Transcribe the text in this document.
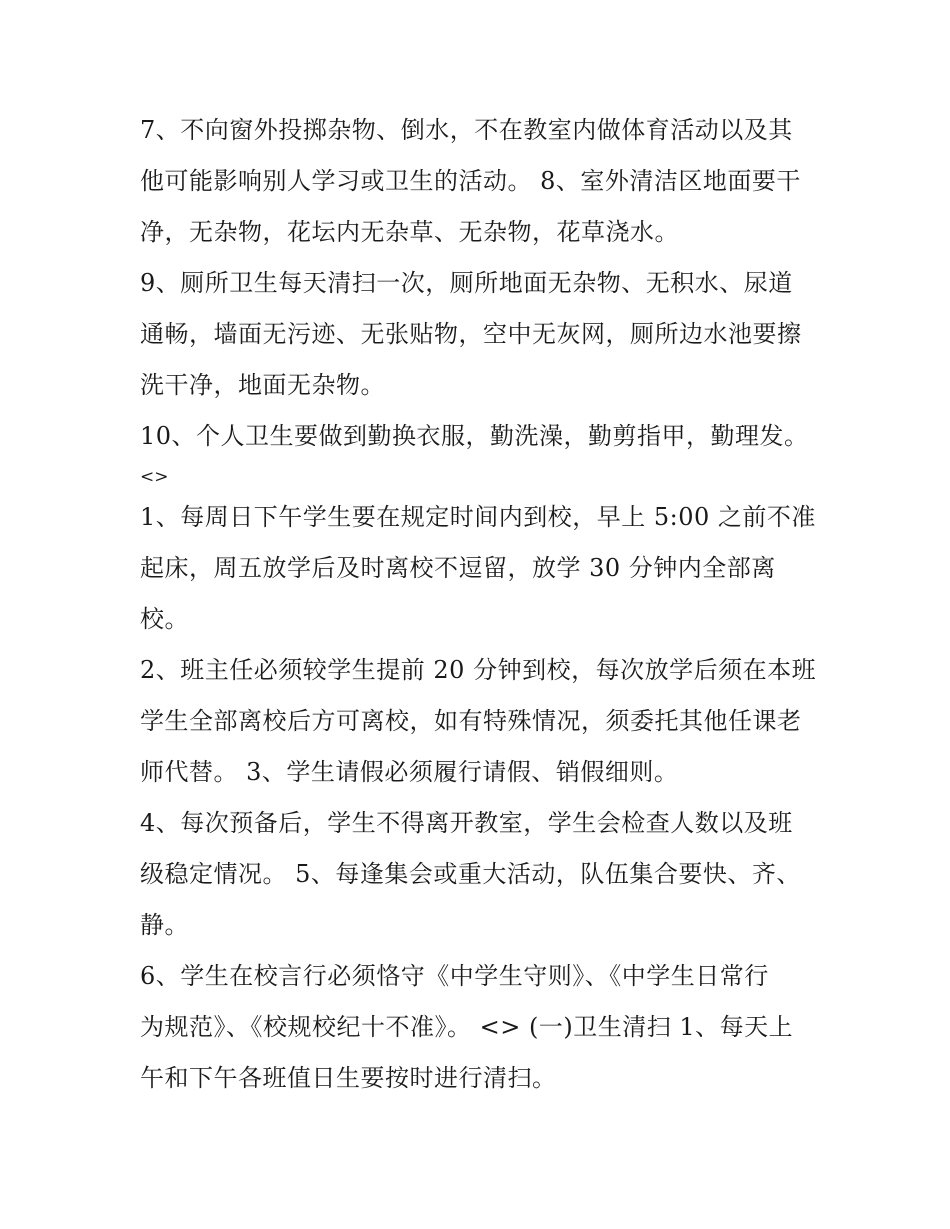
7、不向窗外投掷杂物、倒水，不在教室内做体育活动以及其
他可能影响别人学习或卫生的活动。 8、室外清洁区地面要干
净，无杂物，花坛内无杂草、无杂物，花草浇水。

9、厕所卫生每天清扫一次，厕所地面无杂物、无积水、尿道
通畅，墙面无污迹、无张贴物，空中无灰网，厕所边水池要擦
洗干净，地面无杂物。

10、个人卫生要做到勤换衣服，勤洗澡，勤剪指甲，勤理发。

<>

1、每周日下午学生要在规定时间内到校，早上 5:00 之前不准
起床，周五放学后及时离校不逗留，放学 30 分钟内全部离
校。

2、班主任必须较学生提前 20 分钟到校，每次放学后须在本班
学生全部离校后方可离校，如有特殊情况，须委托其他任课老
师代替。 3、学生请假必须履行请假、销假细则。

4、每次预备后，学生不得离开教室，学生会检查人数以及班
级稳定情况。 5、每逢集会或重大活动，队伍集合要快、齐、
静。

6、学生在校言行必须恪守《中学生守则》、《中学生日常行
为规范》、《校规校纪十不准》。 <> (一)卫生清扫 1、每天上
午和下午各班值日生要按时进行清扫。
